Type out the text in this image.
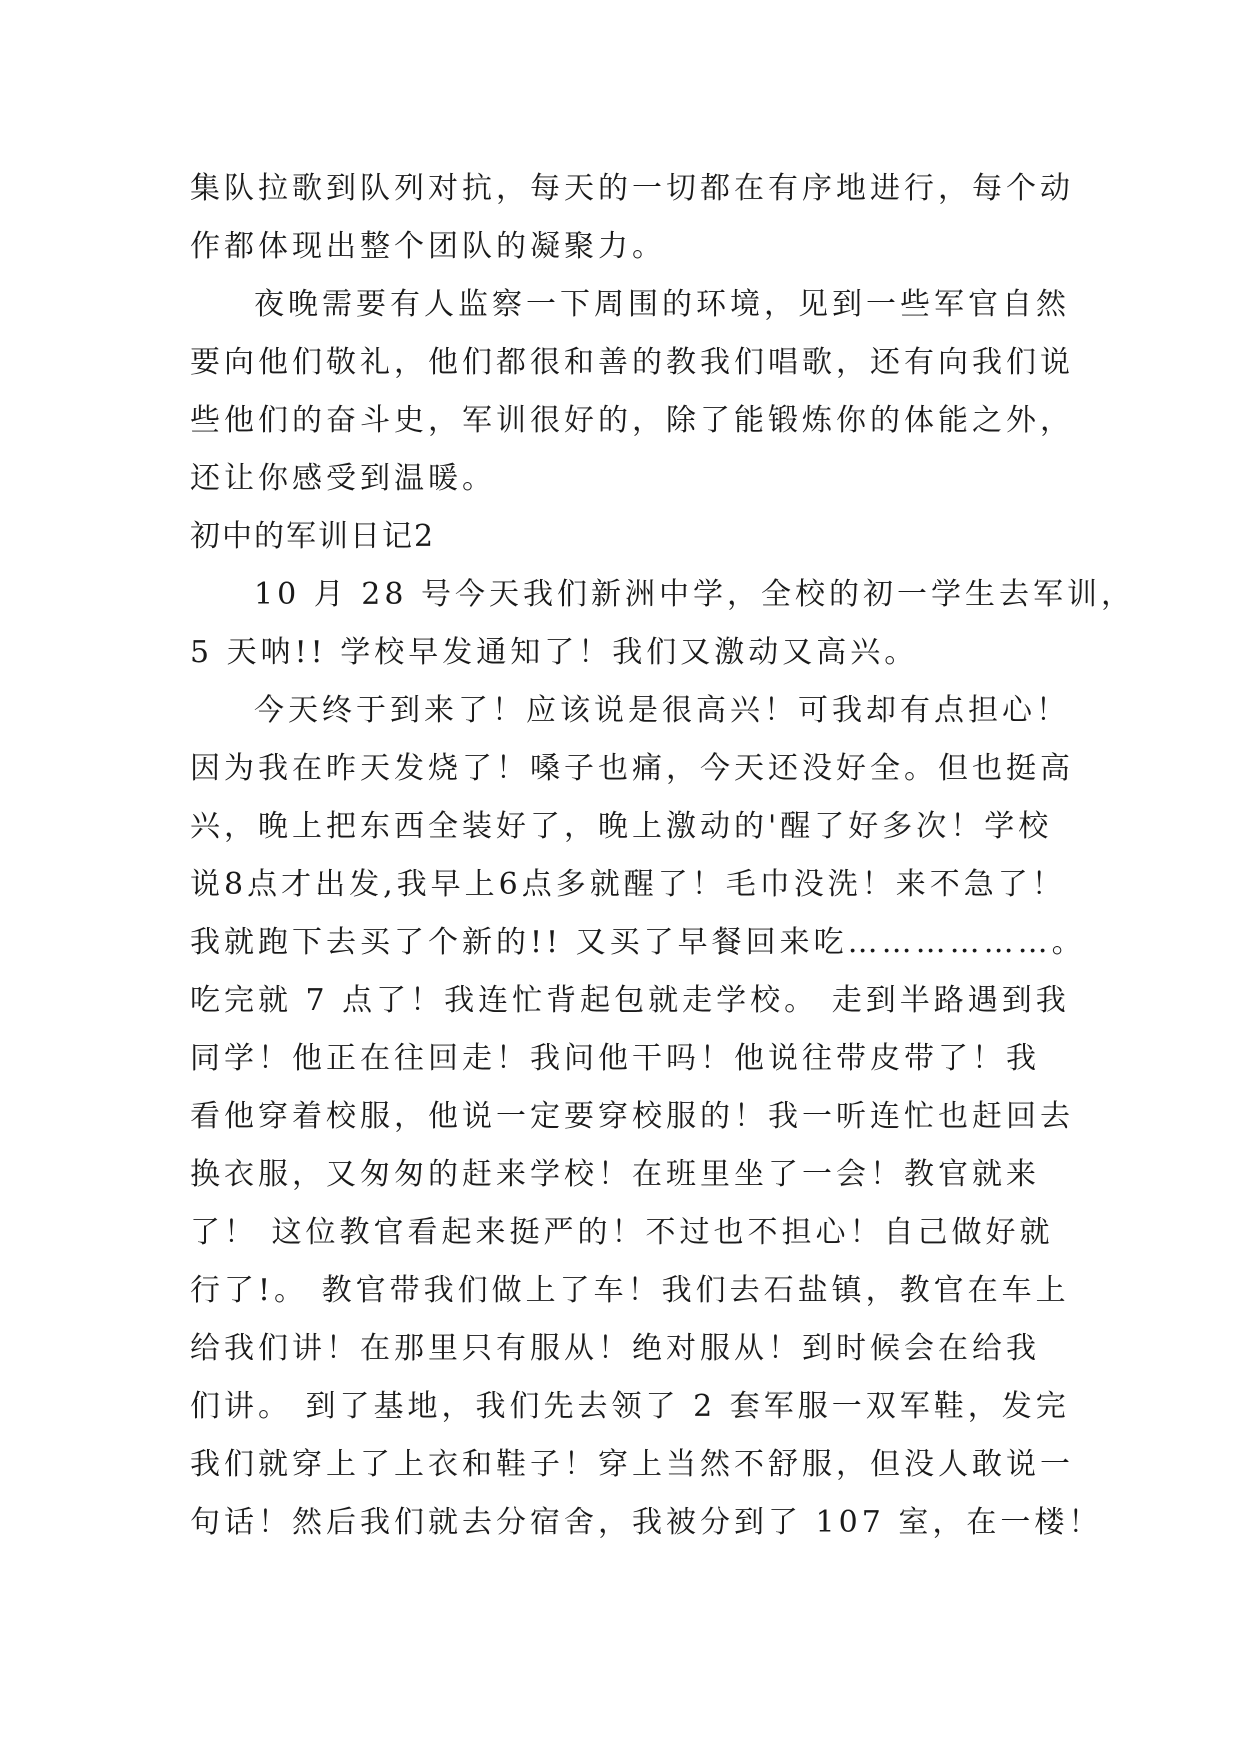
集队拉歌到队列对抗，每天的一切都在有序地进行，每个动
作都体现出整个团队的凝聚力。
夜晚需要有人监察一下周围的环境，见到一些军官自然
要向他们敬礼，他们都很和善的教我们唱歌，还有向我们说
些他们的奋斗史，军训很好的，除了能锻炼你的体能之外，
还让你感受到温暖。
初中的军训日记2
10 月 28 号今天我们新洲中学，全校的初一学生去军训，
5 天呐!! 学校早发通知了！我们又激动又高兴。
今天终于到来了！应该说是很高兴！可我却有点担心！
因为我在昨天发烧了！嗓子也痛，今天还没好全。但也挺高
兴，晚上把东西全装好了，晚上激动的'醒了好多次！学校
说8点才出发,我早上6点多就醒了！毛巾没洗！来不急了！
我就跑下去买了个新的!! 又买了早餐回来吃………………。
吃完就 7 点了！我连忙背起包就走学校。 走到半路遇到我
同学！他正在往回走！我问他干吗！他说往带皮带了！我
看他穿着校服，他说一定要穿校服的！我一听连忙也赶回去
换衣服，又匆匆的赶来学校！在班里坐了一会！教官就来
了！ 这位教官看起来挺严的！不过也不担心！自己做好就
行了!。 教官带我们做上了车！我们去石盐镇，教官在车上
给我们讲！在那里只有服从！绝对服从！到时候会在给我
们讲。 到了基地，我们先去领了 2 套军服一双军鞋，发完
我们就穿上了上衣和鞋子！穿上当然不舒服，但没人敢说一
句话！然后我们就去分宿舍，我被分到了 107 室，在一楼！
